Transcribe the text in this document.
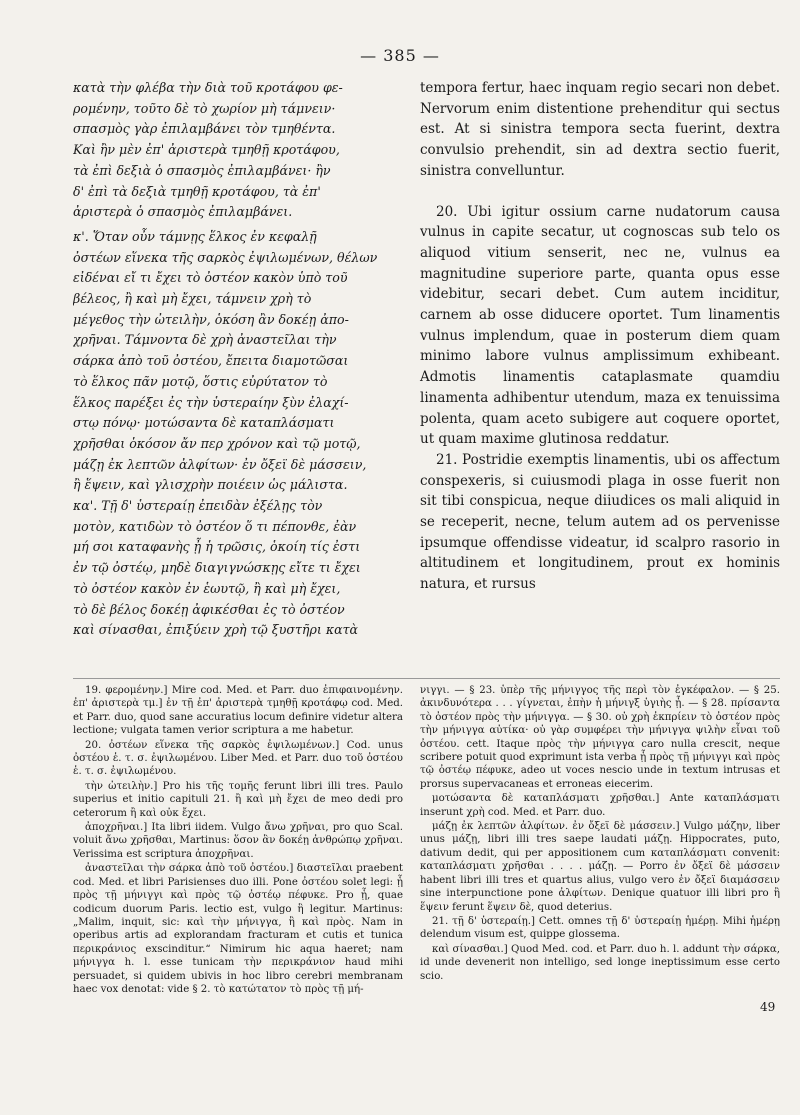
— 385 —
κατὰ τὴν φλέβα τὴν διὰ τοῦ κροτάφου φε-
ρομένην, τοῦτο δὲ τὸ χωρίον μὴ τάμνειν·
σπασμὸς γὰρ ἐπιλαμβάνει τὸν τμηθέντα.
Καὶ ἢν μὲν ἐπ' ἀριστερὰ τμηθῇ κροτάφου,
τὰ ἐπὶ δεξιὰ ὁ σπασμὸς ἐπιλαμβάνει· ἢν
δ' ἐπὶ τὰ δεξιὰ τμηθῇ κροτάφου, τὰ ἐπ'
ἀριστερὰ ὁ σπασμὸς ἐπιλαμβάνει.
κ'. Ὅταν οὖν τάμνῃς ἕλκος ἐν κεφαλῇ
ὀστέων εἵνεκα τῆς σαρκὸς ἐψιλωμένων, θέλων
εἰδέναι εἴ τι ἔχει τὸ ὀστέον κακὸν ὑπὸ τοῦ
βέλεος, ἢ καὶ μὴ ἔχει, τάμνειν χρὴ τὸ
μέγεθος τὴν ὠτειλὴν, ὁκόση ἂν δοκέῃ ἀπο-
χρῆναι. Τάμνοντα δὲ χρὴ ἀναστεῖλαι τὴν
σάρκα ἀπὸ τοῦ ὀστέου, ἔπειτα διαμοτῶσαι
τὸ ἕλκος πᾶν μοτῷ, ὅστις εὐρύτατον τὸ
ἕλκος παρέξει ἐς τὴν ὑστεραίην ξὺν ἐλαχί-
στῳ πόνῳ· μοτώσαντα δὲ καταπλάσματι
χρῆσθαι ὁκόσον ἄν περ χρόνον καὶ τῷ μοτῷ,
μάζῃ ἐκ λεπτῶν ἀλφίτων· ἐν ὄξεϊ δὲ μάσσειν,
ἢ ἕψειν, καὶ γλισχρὴν ποιέειν ὡς μάλιστα.
κα'. Τῇ δ' ὑστεραίῃ ἐπειδὰν ἐξέλῃς τὸν
μοτὸν, κατιδὼν τὸ ὀστέον ὅ τι πέπονθε, ἐὰν
μή σοι καταφανὴς ᾖ ἡ τρῶσις, ὁκοίη τίς ἐστι
ἐν τῷ ὀστέῳ, μηδὲ διαγιγνώσκῃς εἴτε τι ἔχει
τὸ ὀστέον κακὸν ἐν ἑωυτῷ, ἢ καὶ μὴ ἔχει,
τὸ δὲ βέλος δοκέῃ ἀφικέσθαι ἐς τὸ ὀστέον
καὶ σίνασθαι, ἐπιξύειν χρὴ τῷ ξυστῆρι κατὰ

tempora fertur, haec inquam regio secari non debet. Nervorum enim distentione prehenditur qui sectus est. At si sinistra tempora secta fuerint, dextra convulsio prehendit, sin ad dextra sectio fuerit, sinistra convelluntur.

20. Ubi igitur ossium carne nudatorum causa vulnus in capite secatur, ut cognoscas sub telo os aliquod vitium senserit, nec ne, vulnus ea magnitudine superiore parte, quanta opus esse videbitur, secari debet. Cum autem inciditur, carnem ab osse diducere oportet. Tum linamentis vulnus implendum, quae in posterum diem quam minimo labore vulnus amplissimum exhibeant. Admotis linamentis cataplasmate quamdiu linamenta adhibentur utendum, maza ex tenuissima polenta, quam aceto subigere aut coquere oportet, ut quam maxime glutinosa reddatur.

21. Postridie exemptis linamentis, ubi os affectum conspexeris, si cuiusmodi plaga in osse fuerit non sit tibi conspicua, neque diiudices os mali aliquid in se receperit, necne, telum autem ad os pervenisse ipsumque offendisse videatur, id scalpro rasorio in altitudinem et longitudinem, prout ex hominis natura, et rursus

19. φερομένην.] Mire cod. Med. et Parr. duo ἐπιφαινομένην. ἐπ' ἀριστερὰ τμ.] ἐν τῇ ἐπ' ἀριστερὰ τμηθῇ κροτάφῳ cod. Med. et Parr. duo, quod sane accuratius locum definire videtur altera lectione; vulgata tamen verior scriptura a me habetur.

20. ὀστέων εἵνεκα τῆς σαρκὸς ἐψιλωμένων.] Cod. unus ὀστέου ἑ. τ. σ. ἐψιλωμένου. Liber Med. et Parr. duo τοῦ ὀστέου ἑ. τ. σ. ἐψιλωμένου.

τὴν ὠτειλὴν.] Pro his τῆς τομῆς ferunt libri illi tres. Paulo superius et initio capituli 21. ἢ καὶ μὴ ἔχει de meo dedi pro ceterorum ἢ καὶ οὐκ ἔχει.

ἀποχρῆναι.] Ita libri iidem. Vulgo ἄνω χρῆναι, pro quo Scal. voluit ἄνω χρῆσθαι, Martinus: ὅσον ἂν δοκέῃ ἀνθρώπῳ χρῆναι. Verissima est scriptura ἀποχρῆναι.

ἀναστεῖλαι τὴν σάρκα ἀπὸ τοῦ ὀστέου.] διαστεῖλαι praebent cod. Med. et libri Parisienses duo illi. Pone ὀστέου solet legi: ᾗ πρὸς τῇ μήνιγγι καὶ πρὸς τῷ ὀστέῳ πέφυκε. Pro ᾗ, quae codicum duorum Paris. lectio est, vulgo ἣ legitur. Martinus: „Malim, inquit, sic: καὶ τὴν μήνιγγα, ἢ καὶ πρὸς. Nam in operibus artis ad explorandam fracturam et cutis et tunica περικράνιος exscinditur.“ Nimirum hic aqua haeret; nam μήνιγγα h. l. esse tunicam τὴν περικράνιον haud mihi persuadet, si quidem ubivis in hoc libro cerebri membranam haec vox denotat: vide § 2. τὸ κατώτατον τὸ πρὸς τῇ μή-

νιγγι. — § 23. ὑπὲρ τῆς μήνιγγος τῆς περὶ τὸν ἐγκέφαλον. — § 25. ἀκινδυνότερα . . . γίγνεται, ἐπὴν ἡ μήνιγξ ὑγιὴς ᾖ. — § 28. πρίσαντα τὸ ὀστέον πρὸς τὴν μήνιγγα. — § 30. οὐ χρὴ ἐκπρίειν τὸ ὀστέον πρὸς τὴν μήνιγγα αὐτίκα· οὐ γὰρ συμφέρει τὴν μήνιγγα ψιλὴν εἶναι τοῦ ὀστέου. cett. Itaque πρὸς τὴν μήνιγγα caro nulla crescit, neque scribere potuit quod exprimunt ista verba ᾗ πρὸς τῇ μήνιγγι καὶ πρὸς τῷ ὀστέῳ πέφυκε, adeo ut voces nescio unde in textum intrusas et prorsus supervacaneas et erroneas eiecerim.

μοτώσαντα δὲ καταπλάσματι χρῆσθαι.] Ante καταπλάσματι inserunt χρὴ cod. Med. et Parr. duo.

μάζῃ ἐκ λεπτῶν ἀλφίτων. ἐν ὄξεϊ δὲ μάσσειν.] Vulgo μάζην, liber unus μάζῃ, libri illi tres saepe laudati μάζῃ. Hippocrates, puto, dativum dedit, qui per appositionem cum καταπλάσματι convenit: καταπλάσματι χρῆσθαι . . . . μάζῃ. — Porro ἐν ὄξεϊ δὲ μάσσειν habent libri illi tres et quartus alius, vulgo vero ἐν ὄξεϊ διαμάσσειν sine interpunctione pone ἀλφίτων. Denique quatuor illi libri pro ἢ ἕψειν ferunt ἕψειν δὲ, quod deterius.

21. τῇ δ' ὑστεραίῃ.] Cett. omnes τῇ δ' ὑστεραίῃ ἡμέρῃ. Mihi ἡμέρῃ delendum visum est, quippe glossema.

καὶ σίνασθαι.] Quod Med. cod. et Parr. duo h. l. addunt τὴν σάρκα, id unde devenerit non intelligo, sed longe ineptissimum esse certo scio.

49
